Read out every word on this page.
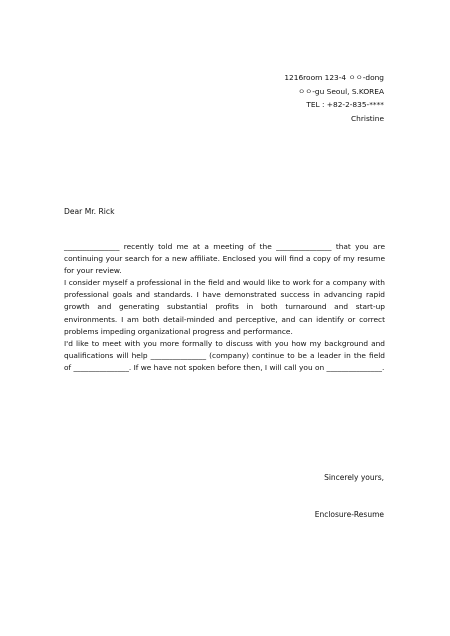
1216room 123-4 ㅇㅇ-dong
ㅇㅇ-gu Seoul, S.KOREA
TEL : +82-2-835-****
Christine
Dear Mr. Rick

_______________ recently told me at a meeting of the _______________ that you are continuing your search for a new affiliate. Enclosed you will find a copy of my resume for your review.

I consider myself a professional in the field and would like to work for a company with professional goals and standards. I have demonstrated success in advancing rapid growth and generating substantial profits in both turnaround and start-up environments. I am both detail-minded and perceptive, and can identify or correct problems impeding organizational progress and performance.

I'd like to meet with you more formally to discuss with you how my background and qualifications will help _______________ (company) continue to be a leader in the field of _______________. If we have not spoken before then, I will call you on _______________.

Sincerely yours,
Enclosure-Resume
